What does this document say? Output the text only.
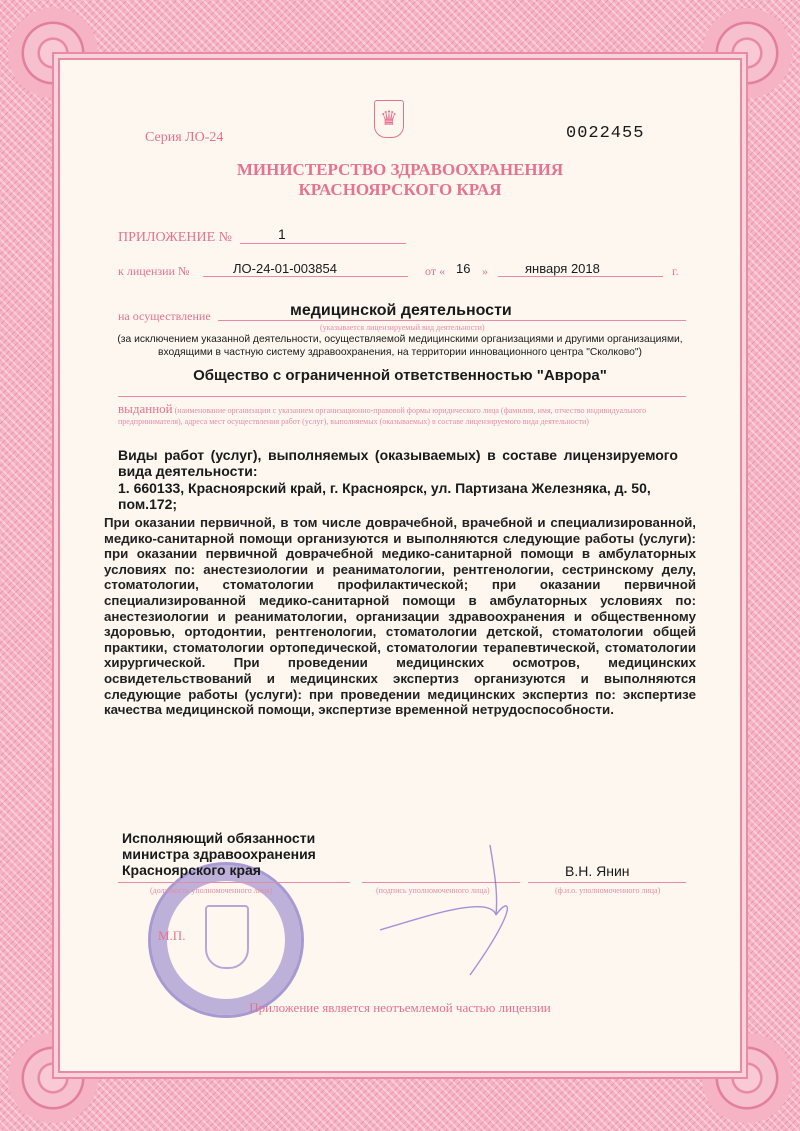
♛
Серия ЛО-24	0022455
МИНИСТЕРСТВО ЗДРАВООХРАНЕНИЯ
КРАСНОЯРСКОГО КРАЯ
ПРИЛОЖЕНИЕ №	1
к лицензии №	ЛО-24-01-003854	от « 16 »	января 2018	г.
на осуществление	медицинской деятельности
(указывается лицензируемый вид деятельности)
(за исключением указанной деятельности, осуществляемой медицинскими организациями и другими организациями,
входящими в частную систему здравоохранения, на территории инновационного центра "Сколково")
Общество с ограниченной ответственностью "Аврора"
выданной (наименование организации с указанием организационно-правовой формы юридического лица (фамилия, имя, отчество индивидуального предпринимателя), адреса мест осуществления работ (услуг), выполняемых (оказываемых) в составе лицензируемого вида деятельности)
Виды работ (услуг), выполняемых (оказываемых) в составе лицензируемого вида деятельности:
1. 660133, Красноярский край, г. Красноярск, ул. Партизана Железняка, д. 50, пом.172;
При оказании первичной, в том числе доврачебной, врачебной и специализированной, медико-санитарной помощи организуются и выполняются следующие работы (услуги): при оказании первичной доврачебной медико-санитарной помощи в амбулаторных условиях по: анестезиологии и реаниматологии, рентгенологии, сестринскому делу, стоматологии, стоматологии профилактической; при оказании первичной специализированной медико-санитарной помощи в амбулаторных условиях по: анестезиологии и реаниматологии, организации здравоохранения и общественному здоровью, ортодонтии, рентгенологии, стоматологии детской, стоматологии общей практики, стоматологии ортопедической, стоматологии терапевтической, стоматологии хирургической. При проведении медицинских осмотров, медицинских освидетельствований и медицинских экспертиз организуются и выполняются следующие работы (услуги): при проведении медицинских экспертиз по: экспертизе качества медицинской помощи, экспертизе временной нетрудоспособности.
Исполняющий обязанности
министра здравоохранения
Красноярского края
(должность уполномоченного лица)	(подпись уполномоченного лица)	(ф.и.о. уполномоченного лица)
В.Н. Янин
М.П.
Приложение является неотъемлемой частью лицензии
